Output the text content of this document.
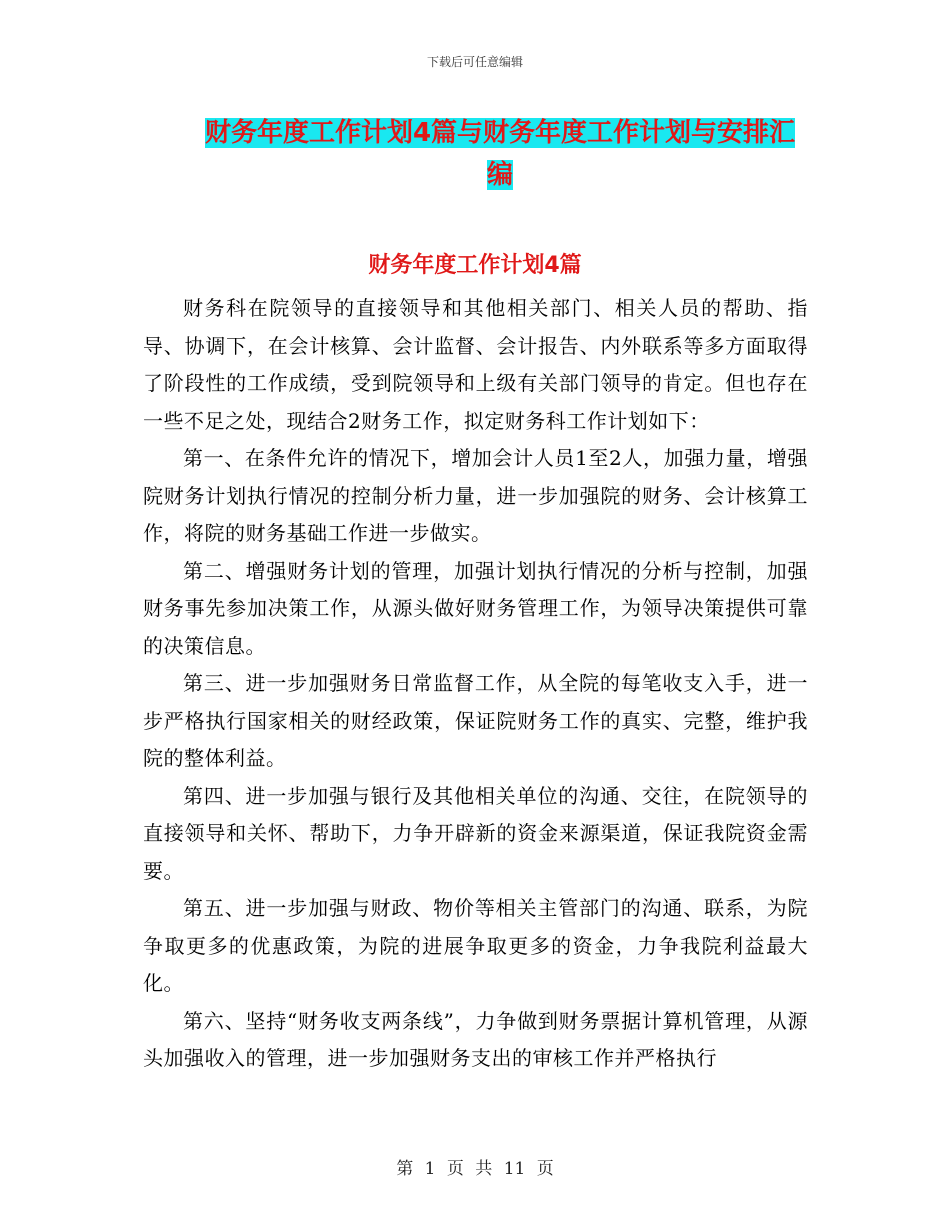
下载后可任意编辑
财务年度工作计划4篇与财务年度工作计划与安排汇编
财务年度工作计划4篇

财务科在院领导的直接领导和其他相关部门、相关人员的帮助、指导、协调下，在会计核算、会计监督、会计报告、内外联系等多方面取得了阶段性的工作成绩，受到院领导和上级有关部门领导的肯定。但也存在一些不足之处，现结合2财务工作，拟定财务科工作计划如下：

第一、在条件允许的情况下，增加会计人员1至2人，加强力量，增强院财务计划执行情况的控制分析力量，进一步加强院的财务、会计核算工作，将院的财务基础工作进一步做实。

第二、增强财务计划的管理，加强计划执行情况的分析与控制，加强财务事先参加决策工作，从源头做好财务管理工作，为领导决策提供可靠的决策信息。

第三、进一步加强财务日常监督工作，从全院的每笔收支入手，进一步严格执行国家相关的财经政策，保证院财务工作的真实、完整，维护我院的整体利益。

第四、进一步加强与银行及其他相关单位的沟通、交往，在院领导的直接领导和关怀、帮助下，力争开辟新的资金来源渠道，保证我院资金需要。

第五、进一步加强与财政、物价等相关主管部门的沟通、联系，为院争取更多的优惠政策，为院的进展争取更多的资金，力争我院利益最大化。

第六、坚持“财务收支两条线”，力争做到财务票据计算机管理，从源头加强收入的管理，进一步加强财务支出的审核工作并严格执行

第 1 页 共 11 页
